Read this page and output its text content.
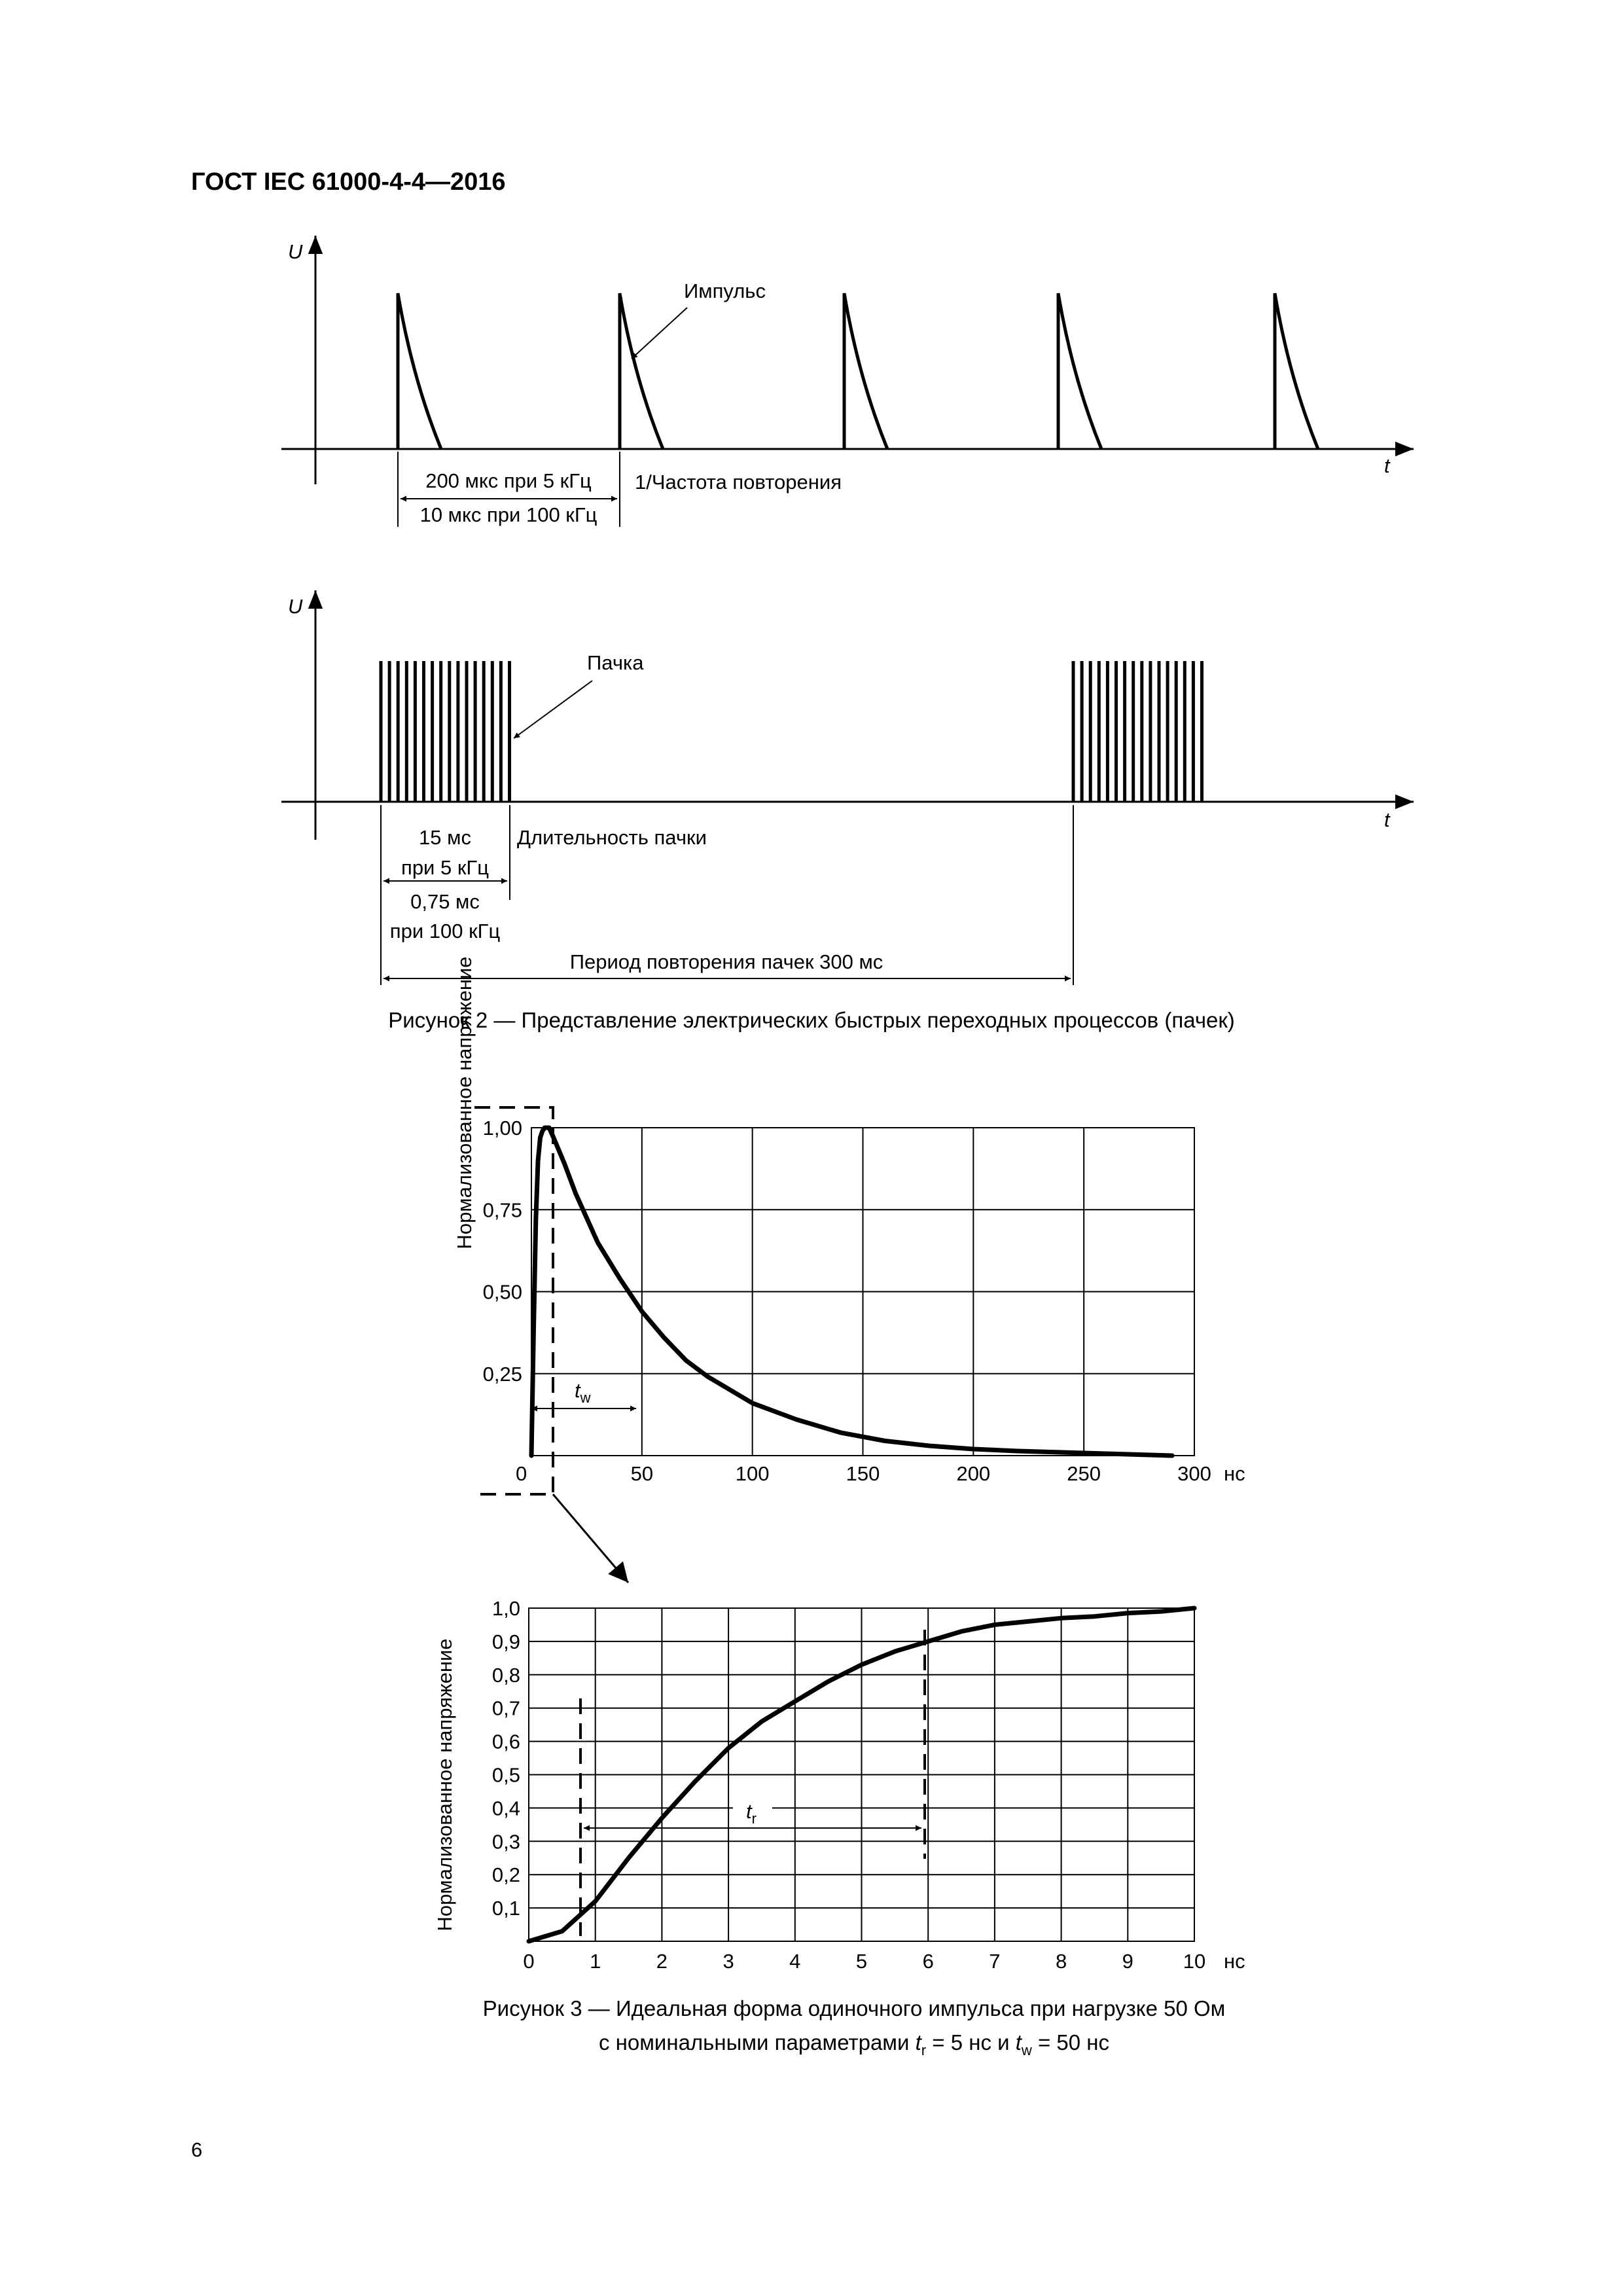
ГОСТ IEC 61000-4-4—2016
U
t
Импульс
200 мкс при 5 кГц
10 мкс при 100 кГц
1/Частота повторения
U
t
Пачка
15 мс
при 5 кГц
0,75 мс
при 100 кГц
Длительность пачки
Период повторения пачек 300 мс
Рисунок 2 — Представление электрических быстрых переходных процессов (пачек)
0,25
0,50
0,75
1,00
50	100	150	200	250	300
Нормализованное напряжение
0	нс
$t_w$
0,1
0,2
0,3
0,4
0,5
0,6
0,7
0,8
0,9
1,0
0	1	2	3	4	5	6	7	8	9 10
Нормализованное напряжение
нс
$t_r$
Рисунок 3 — Идеальная форма одиночного импульса при нагрузке 50 Ом
с номинальными параметрами $t_r = 5$ нс и $t_w = 50$ нс
6
